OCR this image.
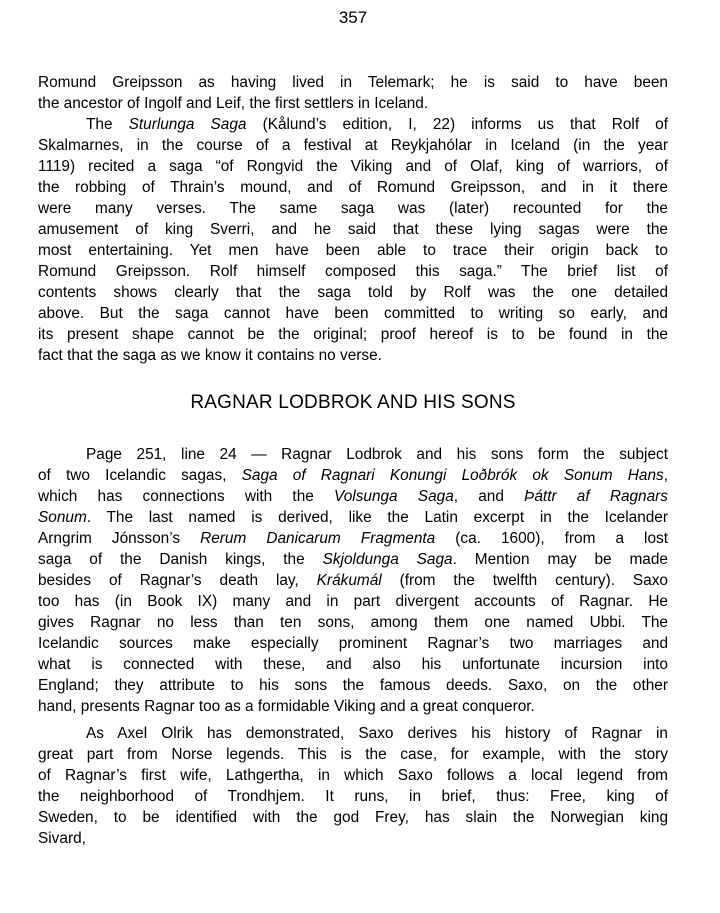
357
Romund Greipsson as having lived in Telemark; he is said to have been
the ancestor of Ingolf and Leif, the first settlers in Iceland.
The Sturlunga Saga (Kålund’s edition, I, 22) informs us that Rolf of
Skalmarnes, in the course of a festival at Reykjahólar in Iceland (in the year
1119) recited a saga “of Rongvid the Viking and of Olaf, king of warriors, of
the robbing of Thrain’s mound, and of Romund Greipsson, and in it there
were many verses. The same saga was (later) recounted for the
amusement of king Sverri, and he said that these lying sagas were the
most entertaining. Yet men have been able to trace their origin back to
Romund Greipsson. Rolf himself composed this saga.” The brief list of
contents shows clearly that the saga told by Rolf was the one detailed
above. But the saga cannot have been committed to writing so early, and
its present shape cannot be the original; proof hereof is to be found in the
fact that the saga as we know it contains no verse.
RAGNAR LODBROK AND HIS SONS
Page 251, line 24 — Ragnar Lodbrok and his sons form the subject
of two Icelandic sagas, Saga of Ragnari Konungi Loðbrók ok Sonum Hans,
which has connections with the Volsunga Saga, and Þáttr af Ragnars
Sonum. The last named is derived, like the Latin excerpt in the Icelander
Arngrim Jónsson’s Rerum Danicarum Fragmenta (ca. 1600), from a lost
saga of the Danish kings, the Skjoldunga Saga. Mention may be made
besides of Ragnar’s death lay, Krákumál (from the twelfth century). Saxo
too has (in Book IX) many and in part divergent accounts of Ragnar. He
gives Ragnar no less than ten sons, among them one named Ubbi. The
Icelandic sources make especially prominent Ragnar’s two marriages and
what is connected with these, and also his unfortunate incursion into
England; they attribute to his sons the famous deeds. Saxo, on the other
hand, presents Ragnar too as a formidable Viking and a great conqueror.
As Axel Olrik has demonstrated, Saxo derives his history of Ragnar in
great part from Norse legends. This is the case, for example, with the story
of Ragnar’s first wife, Lathgertha, in which Saxo follows a local legend from
the neighborhood of Trondhjem. It runs, in brief, thus: Free, king of
Sweden, to be identified with the god Frey, has slain the Norwegian king
Sivard,
